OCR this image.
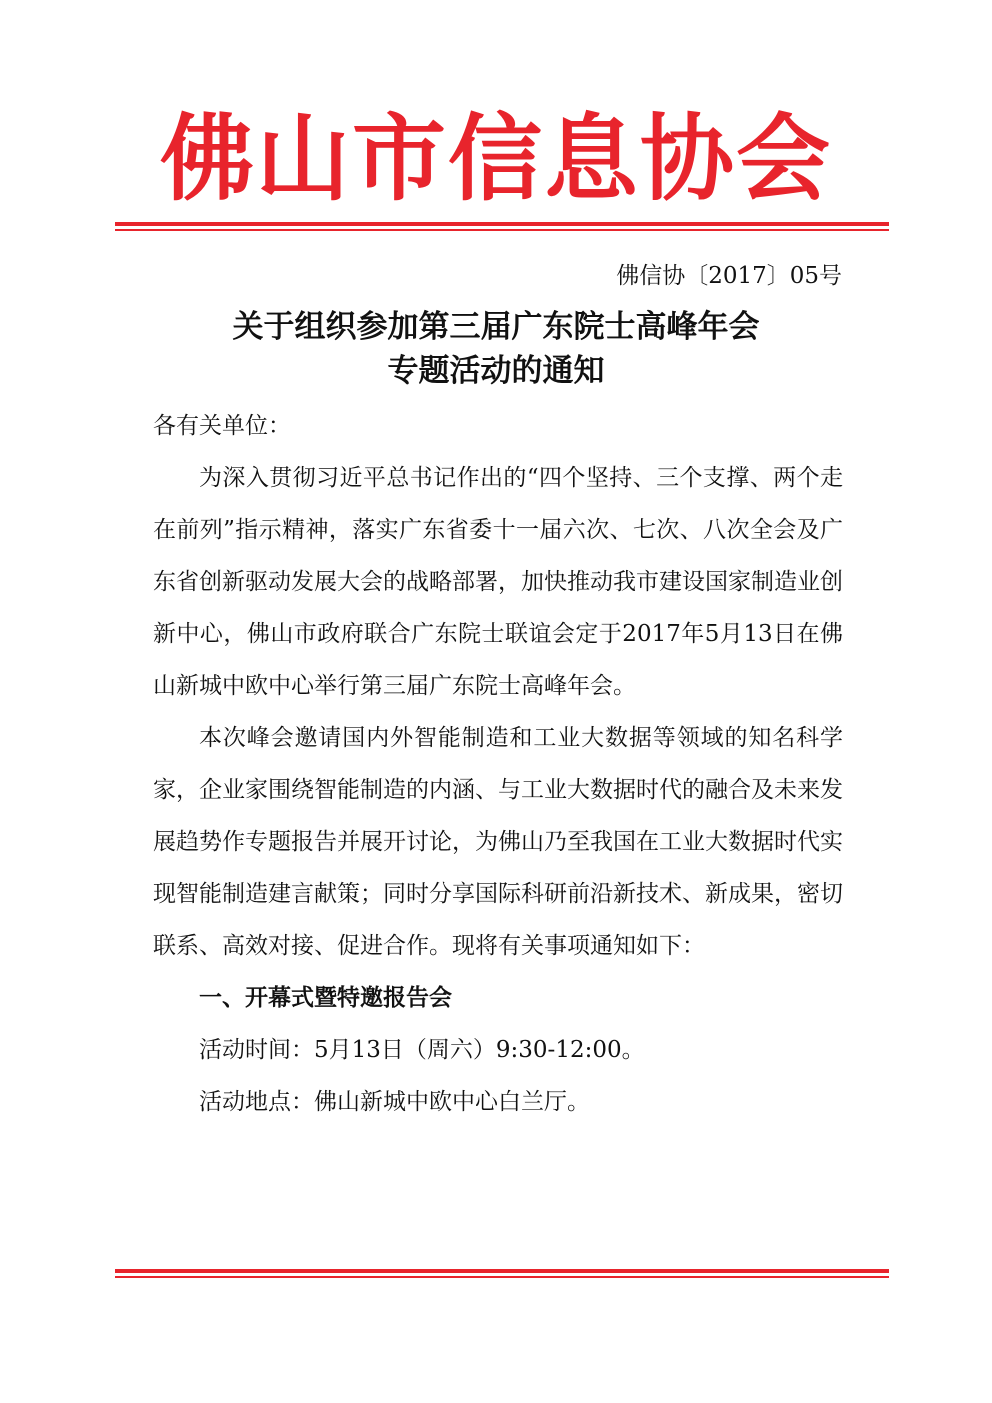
佛山市信息协会
佛信协〔2017〕05号
关于组织参加第三届广东院士高峰年会
专题活动的通知

各有关单位：

为深入贯彻习近平总书记作出的“四个坚持、三个支撑、两个走在前列”指示精神，落实广东省委十一届六次、七次、八次全会及广东省创新驱动发展大会的战略部署，加快推动我市建设国家制造业创新中心，佛山市政府联合广东院士联谊会定于2017年5月13日在佛山新城中欧中心举行第三届广东院士高峰年会。

本次峰会邀请国内外智能制造和工业大数据等领域的知名科学家，企业家围绕智能制造的内涵、与工业大数据时代的融合及未来发展趋势作专题报告并展开讨论，为佛山乃至我国在工业大数据时代实现智能制造建言献策；同时分享国际科研前沿新技术、新成果，密切联系、高效对接、促进合作。现将有关事项通知如下：

一、开幕式暨特邀报告会

活动时间：5月13日（周六）9:30-12:00。

活动地点：佛山新城中欧中心白兰厅。
